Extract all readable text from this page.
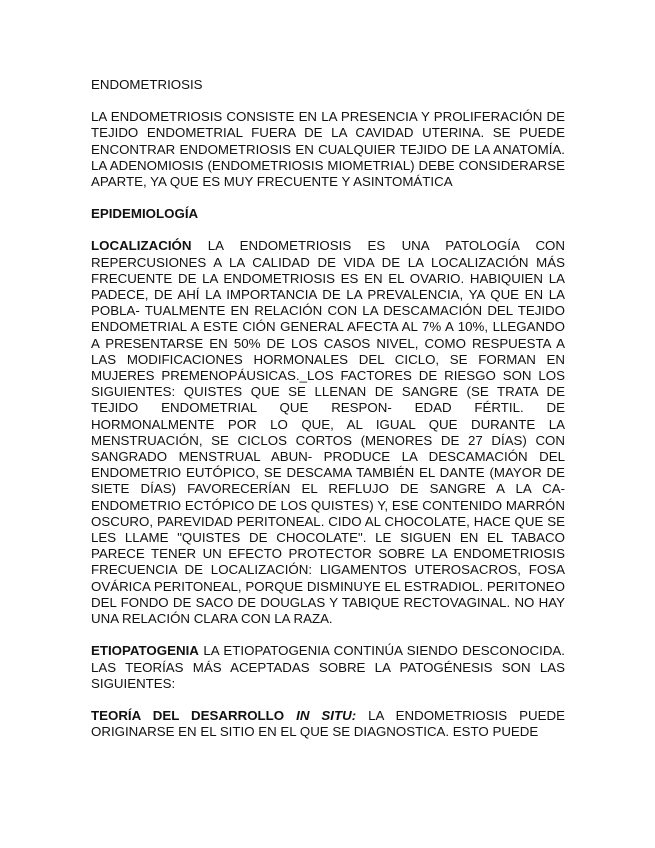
ENDOMETRIOSIS

LA ENDOMETRIOSIS CONSISTE EN LA PRESENCIA Y PROLIFERACIÓN DE TEJIDO ENDOMETRIAL FUERA DE LA CAVIDAD UTERINA. SE PUEDE ENCONTRAR ENDOMETRIOSIS EN CUALQUIER TEJIDO DE LA ANATOMÍA. LA ADENOMIOSIS (ENDOMETRIOSIS MIOMETRIAL) DEBE CONSIDERARSE APARTE, YA QUE ES MUY FRECUENTE Y ASINTOMÁTICA

EPIDEMIOLOGÍA

LOCALIZACIÓN LA ENDOMETRIOSIS ES UNA PATOLOGÍA CON REPERCUSIONES A LA CALIDAD DE VIDA DE LA LOCALIZACIÓN MÁS FRECUENTE DE LA ENDOMETRIOSIS ES EN EL OVARIO. HABIQUIEN LA PADECE, DE AHÍ LA IMPORTANCIA DE LA PREVALENCIA, YA QUE EN LA POBLA- TUALMENTE EN RELACIÓN CON LA DESCAMACIÓN DEL TEJIDO ENDOMETRIAL A ESTE CIÓN GENERAL AFECTA AL 7% A 10%, LLEGANDO A PRESENTARSE EN 50% DE LOS CASOS NIVEL, COMO RESPUESTA A LAS MODIFICACIONES HORMONALES DEL CICLO, SE FORMAN EN MUJERES PREMENOPÁUSICAS._LOS FACTORES DE RIESGO SON LOS SIGUIENTES: QUISTES QUE SE LLENAN DE SANGRE (SE TRATA DE TEJIDO ENDOMETRIAL QUE RESPON- EDAD FÉRTIL. DE HORMONALMENTE POR LO QUE, AL IGUAL QUE DURANTE LA MENSTRUACIÓN, SE CICLOS CORTOS (MENORES DE 27 DÍAS) CON SANGRADO MENSTRUAL ABUN- PRODUCE LA DESCAMACIÓN DEL ENDOMETRIO EUTÓPICO, SE DESCAMA TAMBIÉN EL DANTE (MAYOR DE SIETE DÍAS) FAVORECERÍAN EL REFLUJO DE SANGRE A LA CA- ENDOMETRIO ECTÓPICO DE LOS QUISTES) Y, ESE CONTENIDO MARRÓN OSCURO, PAREVIDAD PERITONEAL. CIDO AL CHOCOLATE, HACE QUE SE LES LLAME "QUISTES DE CHOCOLATE". LE SIGUEN EN EL TABACO PARECE TENER UN EFECTO PROTECTOR SOBRE LA ENDOMETRIOSIS FRECUENCIA DE LOCALIZACIÓN: LIGAMENTOS UTEROSACROS, FOSA OVÁRICA PERITONEAL, PORQUE DISMINUYE EL ESTRADIOL. PERITONEO DEL FONDO DE SACO DE DOUGLAS Y TABIQUE RECTOVAGINAL. NO HAY UNA RELACIÓN CLARA CON LA RAZA.

ETIOPATOGENIA LA ETIOPATOGENIA CONTINÚA SIENDO DESCONOCIDA. LAS TEORÍAS MÁS ACEPTADAS SOBRE LA PATOGÉNESIS SON LAS SIGUIENTES:

TEORÍA DEL DESARROLLO IN SITU: LA ENDOMETRIOSIS PUEDE ORIGINARSE EN EL SITIO EN EL QUE SE DIAGNOSTICA. ESTO PUEDE
